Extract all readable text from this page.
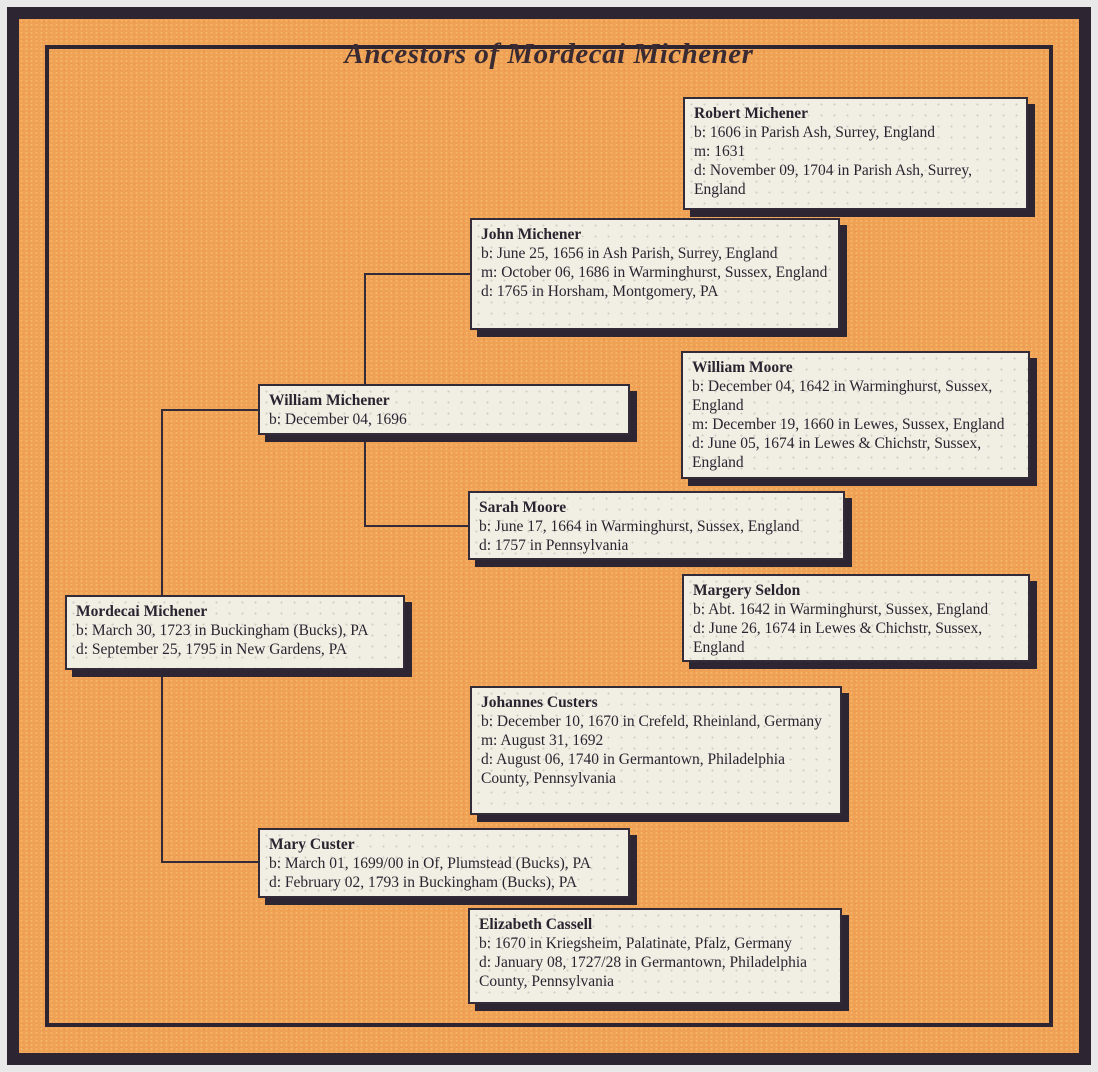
Ancestors of Mordecai Michener
Robert Michener
b: 1606 in Parish Ash, Surrey, England
m: 1631
d: November 09, 1704 in Parish Ash, Surrey, England
John Michener
b: June 25, 1656 in Ash Parish, Surrey, England
m: October 06, 1686 in Warminghurst, Sussex, England
d: 1765 in Horsham, Montgomery, PA
William Moore
b: December 04, 1642 in Warminghurst, Sussex, England
m: December 19, 1660 in Lewes, Sussex, England
d: June 05, 1674 in Lewes & Chichstr, Sussex, England
William Michener
b: December 04, 1696
Sarah Moore
b: June 17, 1664 in Warminghurst, Sussex, England
d: 1757 in Pennsylvania
Margery Seldon
b: Abt. 1642 in Warminghurst, Sussex, England
d: June 26, 1674 in Lewes & Chichstr, Sussex, England
Mordecai Michener
b: March 30, 1723 in Buckingham (Bucks), PA
d: September 25, 1795 in New Gardens, PA
Johannes Custers
b: December 10, 1670 in Crefeld, Rheinland, Germany
m: August 31, 1692
d: August 06, 1740 in Germantown, Philadelphia County, Pennsylvania
Mary Custer
b: March 01, 1699/00 in Of, Plumstead (Bucks), PA
d: February 02, 1793 in Buckingham (Bucks), PA
Elizabeth Cassell
b: 1670 in Kriegsheim, Palatinate, Pfalz, Germany
d: January 08, 1727/28 in Germantown, Philadelphia County, Pennsylvania
